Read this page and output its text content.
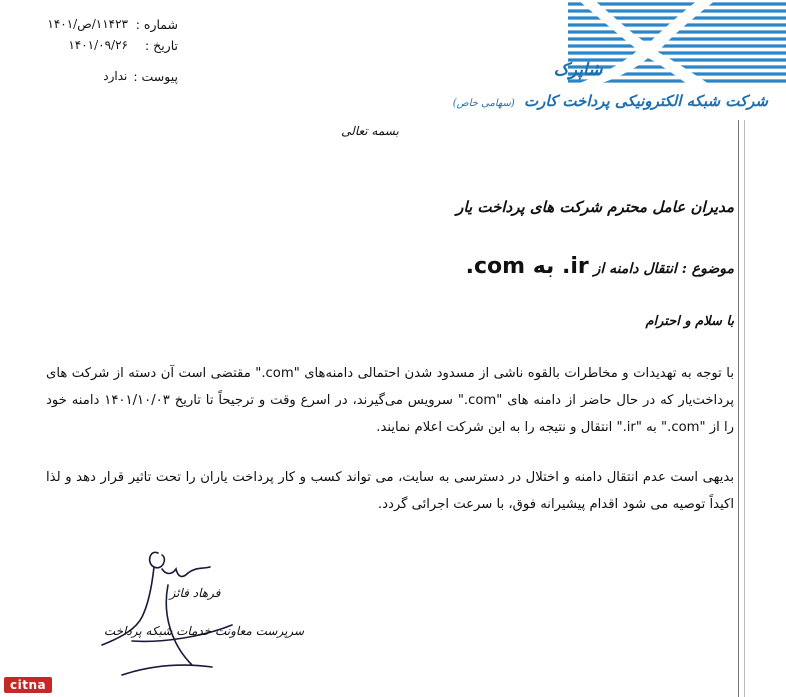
شماره :
۱۱۴۲۳/ص/۱۴۰۱
تاریخ :
۱۴۰۱/۰۹/۲۶
پیوست :
ندارد	شاپرک
شرکت شبکه الکترونیکی پرداخت کارت (سهامی خاص)
بسمه تعالی
مدیران عامل محترم شرکت های پرداخت یار
موضوع : انتقال دامنه از ir. به com.
با سلام و احترام
با توجه به تهدیدات و مخاطرات بالقوه ناشی از مسدود شدن احتمالی دامنه‌های "com." مقتضی است آن دسته از شرکت های پرداخت‌یار که در حال حاضر از دامنه های "com." سرویس می‌گیرند، در اسرع وقت و ترجیحاً تا تاریخ ۱۴۰۱/۱۰/۰۳ دامنه خود را از "com." به "ir." انتقال و نتیجه را به این شرکت اعلام نمایند.
بدیهی است عدم انتقال دامنه و اختلال در دسترسی به سایت، می تواند کسب و کار پرداخت یاران را تحت تاثیر قرار دهد و لذا اکیداً توصیه می شود اقدام پیشیرانه فوق، با سرعت اجرائی گردد.
فرهاد فائز
سرپرست معاونت خدمات شبکه پرداخت
citna
